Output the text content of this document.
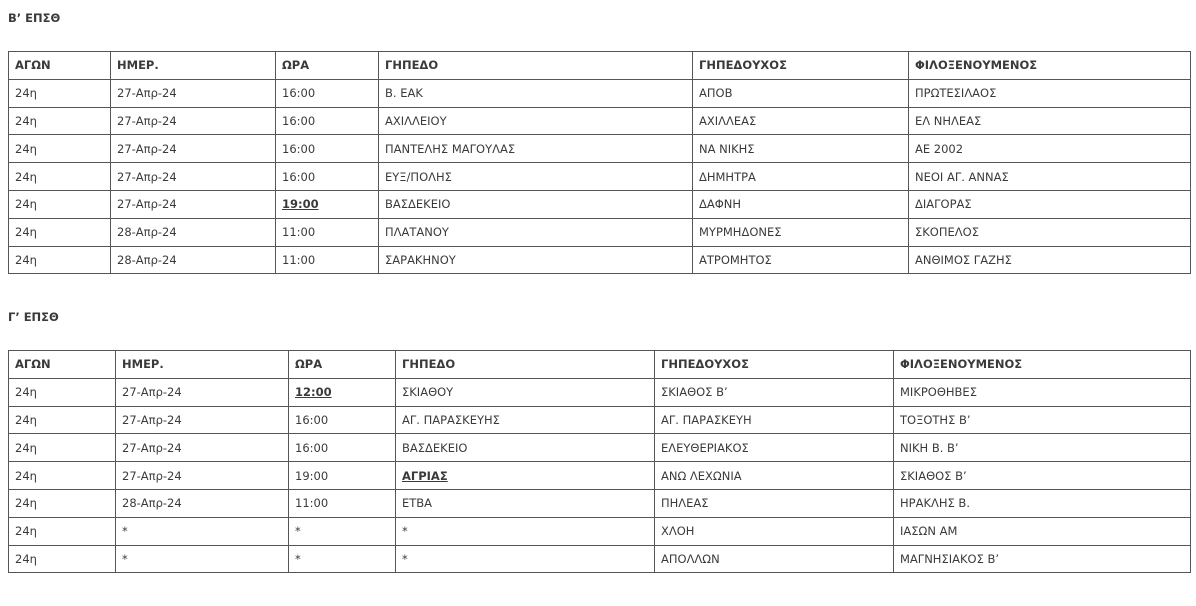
Β’ ΕΠΣΘ
ΑΓΩΝ	ΗΜΕΡ.	ΩΡΑ	ΓΗΠΕΔΟ	ΓΗΠΕΔΟΥΧΟΣ	ΦΙΛΟΞΕΝΟΥΜΕΝΟΣ
24η	27-Απρ-24	16:00	Β. ΕΑΚ	ΑΠΟΒ	ΠΡΩΤΕΣΙΛΑΟΣ
24η	27-Απρ-24	16:00	ΑΧΙΛΛΕΙΟΥ	ΑΧΙΛΛΕΑΣ	ΕΛ ΝΗΛΕΑΣ
24η	27-Απρ-24	16:00	ΠΑΝΤΕΛΗΣ ΜΑΓΟΥΛΑΣ	ΝΑ ΝΙΚΗΣ	ΑΕ 2002
24η	27-Απρ-24	16:00	ΕΥΞ/ΠΟΛΗΣ	ΔΗΜΗΤΡΑ	ΝΕΟΙ ΑΓ. ΑΝΝΑΣ
24η	27-Απρ-24	19:00	ΒΑΣΔΕΚΕΙΟ	ΔΑΦΝΗ	ΔΙΑΓΟΡΑΣ
24η	28-Απρ-24	11:00	ΠΛΑΤΑΝΟΥ	ΜΥΡΜΗΔΟΝΕΣ	ΣΚΟΠΕΛΟΣ
24η	28-Απρ-24	11:00	ΣΑΡΑΚΗΝΟΥ	ΑΤΡΟΜΗΤΟΣ	ΑΝΘΙΜΟΣ ΓΑΖΗΣ
Γ’ ΕΠΣΘ
ΑΓΩΝ	ΗΜΕΡ.	ΩΡΑ	ΓΗΠΕΔΟ	ΓΗΠΕΔΟΥΧΟΣ	ΦΙΛΟΞΕΝΟΥΜΕΝΟΣ
24η	27-Απρ-24	12:00	ΣΚΙΑΘΟΥ	ΣΚΙΑΘΟΣ Β’	ΜΙΚΡΟΘΗΒΕΣ
24η	27-Απρ-24	16:00	ΑΓ. ΠΑΡΑΣΚΕΥΗΣ	ΑΓ. ΠΑΡΑΣΚΕΥΗ	ΤΟΞΟΤΗΣ Β’
24η	27-Απρ-24	16:00	ΒΑΣΔΕΚΕΙΟ	ΕΛΕΥΘΕΡΙΑΚΟΣ	ΝΙΚΗ Β. Β’
24η	27-Απρ-24	19:00	ΑΓΡΙΑΣ	ΑΝΩ ΛΕΧΩΝΙΑ	ΣΚΙΑΘΟΣ Β’
24η	28-Απρ-24	11:00	ΕΤΒΑ	ΠΗΛΕΑΣ	ΗΡΑΚΛΗΣ Β.
24η	*	*	*	ΧΛΟΗ	ΙΑΣΩΝ ΑΜ
24η	*	*	*	ΑΠΟΛΛΩΝ	ΜΑΓΝΗΣΙΑΚΟΣ Β’
